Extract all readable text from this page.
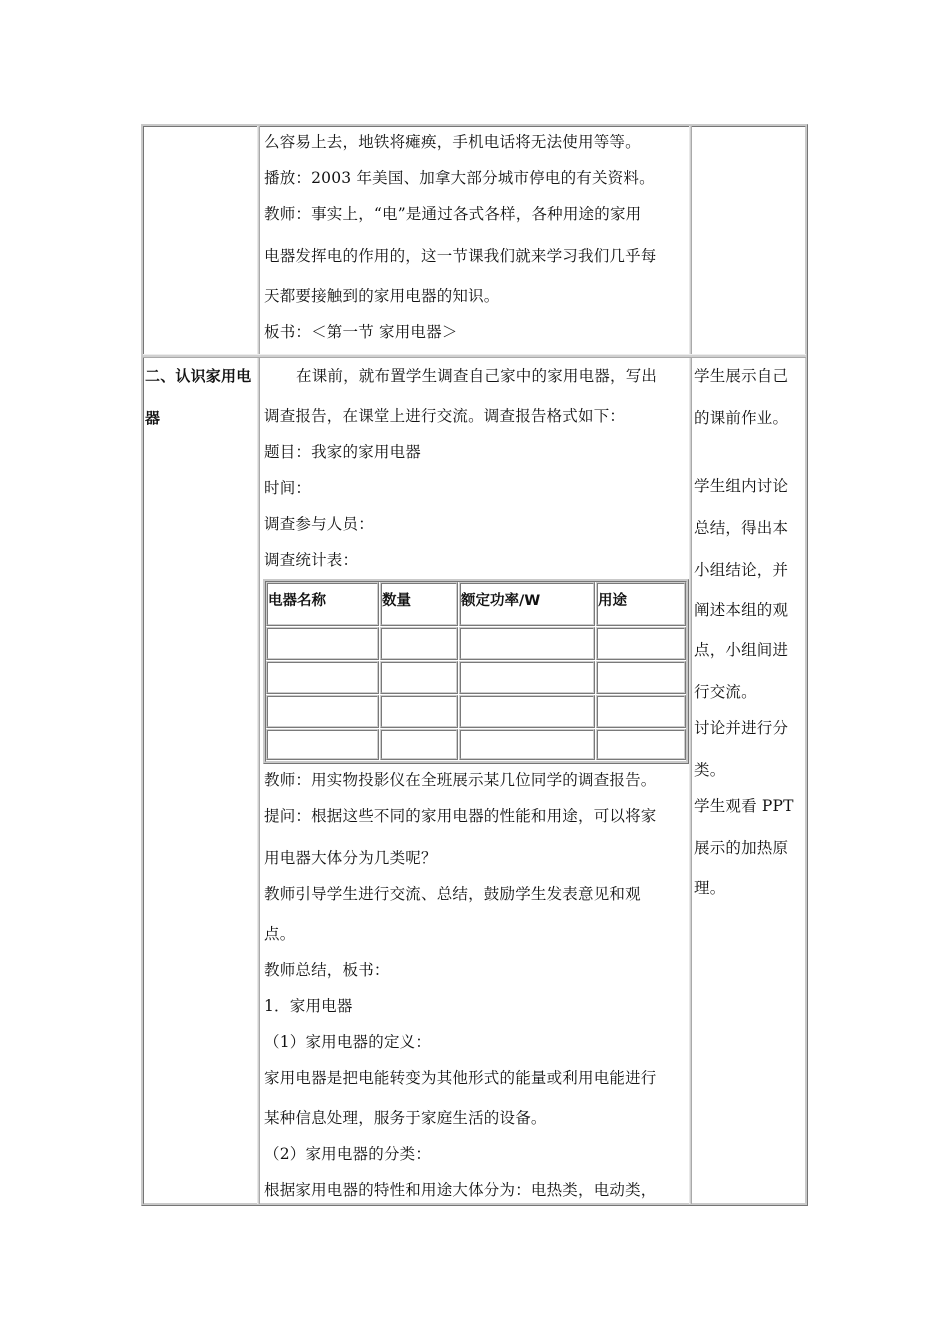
么容易上去，地铁将瘫痪，手机电话将无法使用等等。
播放：2003 年美国、加拿大部分城市停电的有关资料。
教师：事实上，“电”是通过各式各样，各种用途的家用
电器发挥电的作用的，这一节课我们就来学习我们几乎每
天都要接触到的家用电器的知识。
板书：＜第一节 家用电器＞
二、认识家用电
器
在课前，就布置学生调查自己家中的家用电器，写出
调查报告，在课堂上进行交流。调查报告格式如下：
题目：我家的家用电器
时间：
调查参与人员：
调查统计表：
电器名称	数量	额定功率/W	用途
教师：用实物投影仪在全班展示某几位同学的调查报告。
提问：根据这些不同的家用电器的性能和用途，可以将家
用电器大体分为几类呢？
教师引导学生进行交流、总结，鼓励学生发表意见和观
点。
教师总结，板书：
1．家用电器
（1）家用电器的定义：
家用电器是把电能转变为其他形式的能量或利用电能进行
某种信息处理，服务于家庭生活的设备。
（2）家用电器的分类：
根据家用电器的特性和用途大体分为：电热类，电动类，
学生展示自己
的课前作业。
学生组内讨论
总结，得出本
小组结论，并
阐述本组的观
点，小组间进
行交流。
讨论并进行分
类。
学生观看 PPT
展示的加热原
理。
